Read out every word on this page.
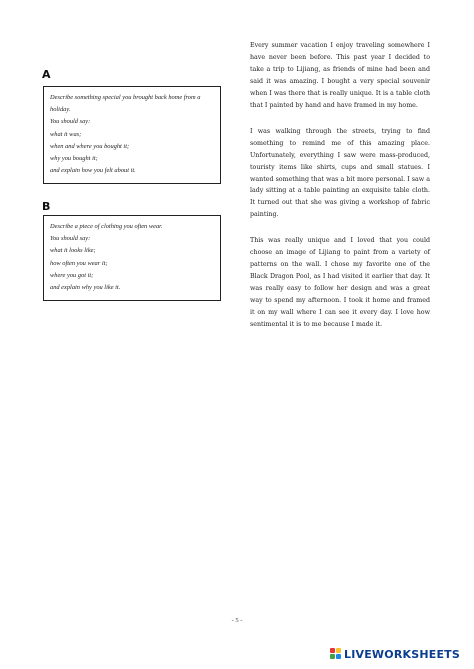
A
Describe something special you brought back home from a holiday.
You should say:
what it was;
when and where you bought it;
why you bought it;
and explain how you felt about it.
B
Describe a piece of clothing you often wear.
You should say:
what it looks like;
how often you wear it;
where you got it;
and explain why you like it.

Every summer vacation I enjoy traveling somewhere I have never been before. This past year I decided to take a trip to Lijiang, as friends of mine had been and said it was amazing. I bought a very special souvenir when I was there that is really unique. It is a table cloth that I painted by hand and have framed in my home.

I was walking through the streets, trying to find something to remind me of this amazing place. Unfortunately, everything I saw were mass-produced, touristy items like shirts, cups and small statues. I wanted something that was a bit more personal. I saw a lady sitting at a table painting an exquisite table cloth. It turned out that she was giving a workshop of fabric painting.

This was really unique and I loved that you could choose an image of Lijiang to paint from a variety of patterns on the wall. I chose my favorite one of the Black Dragon Pool, as I had visited it earlier that day. It was really easy to follow her design and was a great way to spend my afternoon. I took it home and framed it on my wall where I can see it every day. I love how sentimental it is to me because I made it.

- 5 -
LIVEWORKSHEETS
